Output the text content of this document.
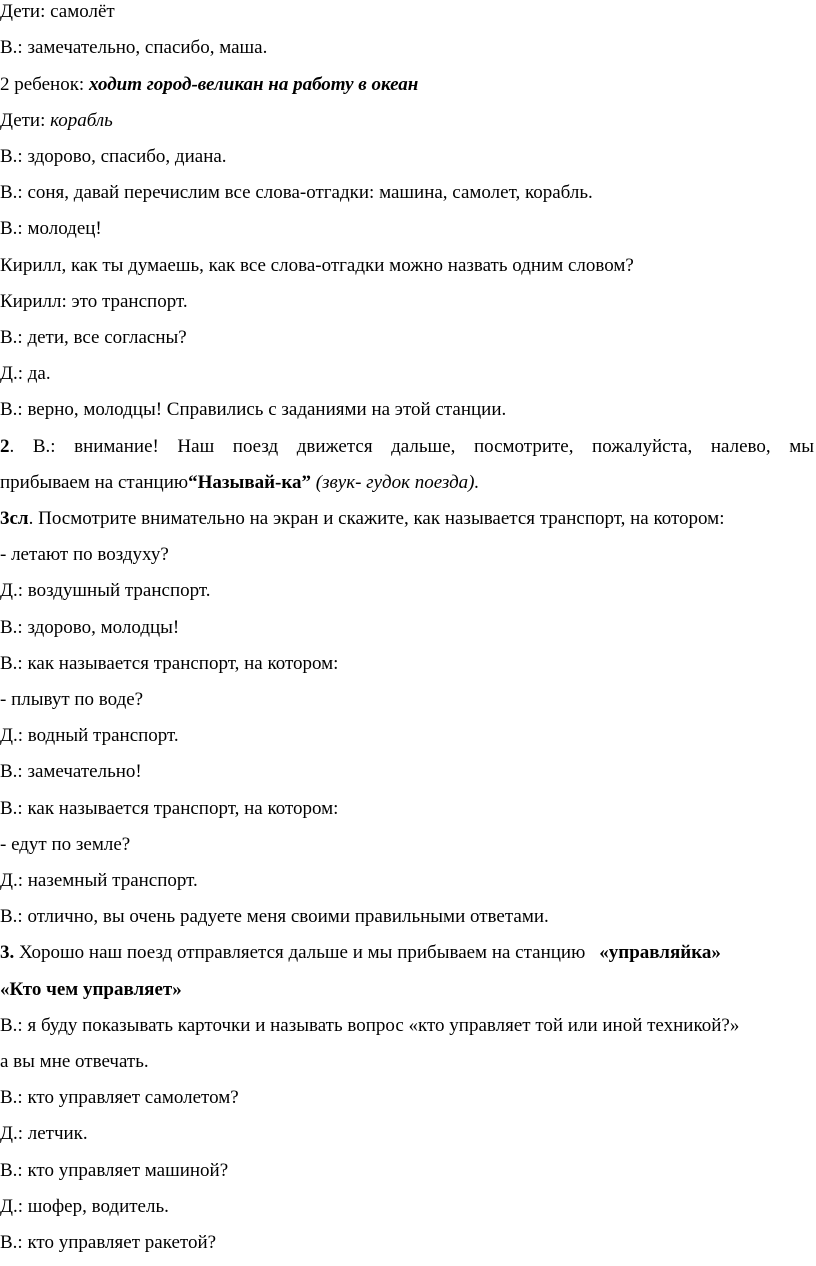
Дети: самолёт
В.: замечательно, спасибо, маша.
2 ребенок: ходит город-великан на работу в океан
Дети: корабль
В.: здорово, спасибо, диана.
В.: соня, давай перечислим все слова-отгадки: машина, самолет, корабль.
В.: молодец!
Кирилл, как ты думаешь, как все слова-отгадки можно назвать одним словом?
Кирилл: это транспорт.
В.: дети, все согласны?
Д.: да.
В.: верно, молодцы! Справились с заданиями на этой станции.
2. В.: внимание! Наш поезд движется дальше, посмотрите, пожалуйста, налево, мы
прибываем на станцию“Называй-ка” (звук- гудок поезда).
3сл. Посмотрите внимательно на экран и скажите, как называется транспорт, на котором:
- летают по воздуху?
Д.: воздушный транспорт.
В.: здорово, молодцы!
В.: как называется транспорт, на котором:
- плывут по воде?
Д.: водный транспорт.
В.: замечательно!
В.: как называется транспорт, на котором:
- едут по земле?
Д.: наземный транспорт.
В.: отлично, вы очень радуете меня своими правильными ответами.
3. Хорошо наш поезд отправляется дальше и мы прибываем на станцию «управляйка»
«Кто чем управляет»
В.: я буду показывать карточки и называть вопрос «кто управляет той или иной техникой?»
а вы мне отвечать.
В.: кто управляет самолетом?
Д.: летчик.
В.: кто управляет машиной?
Д.: шофер, водитель.
В.: кто управляет ракетой?
